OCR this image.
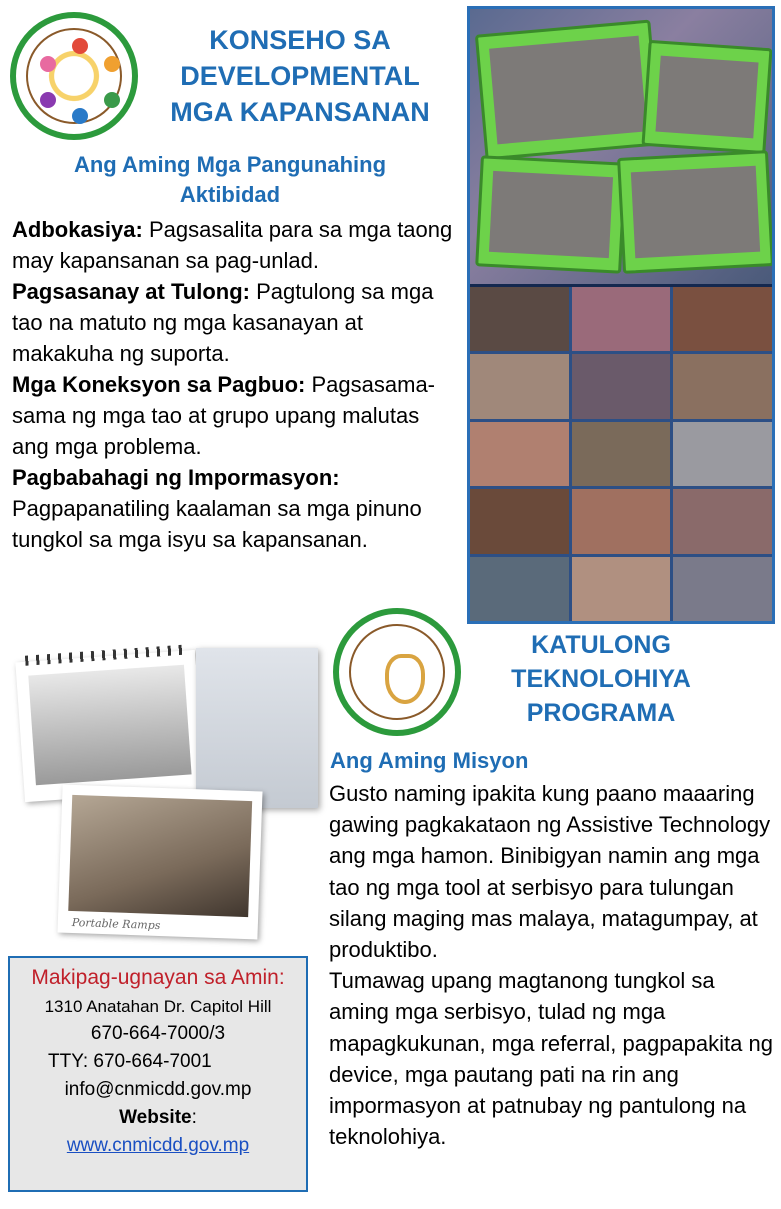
KONSEHO SA
DEVELOPMENTAL
MGA KAPANSANAN
Ang Aming Mga Pangunahing
Aktibidad

Adbokasiya: Pagsasalita para sa mga taong may kapansanan sa pag-unlad.

Pagsasanay at Tulong: Pagtulong sa mga tao na matuto ng mga kasanayan at makakuha ng suporta.

Mga Koneksyon sa Pagbuo: Pagsasama-sama ng mga tao at grupo upang malutas ang mga problema.

Pagbabahagi ng Impormasyon: Pagpapanatiling kaalaman sa mga pinuno tungkol sa mga isyu sa kapansanan.

Portable Ramps
KATULONG
TEKNOLOHIYA
PROGRAMA
Ang Aming Misyon

Gusto naming ipakita kung paano maaaring gawing pagkakataon ng Assistive Technology ang mga hamon. Binibigyan namin ang mga tao ng mga tool at serbisyo para tulungan silang maging mas malaya, matagumpay, at produktibo.

Tumawag upang magtanong tungkol sa aming mga serbisyo, tulad ng mga mapagkukunan, mga referral, pagpapakita ng device, mga pautang pati na rin ang impormasyon at patnubay ng pantulong na teknolohiya.

Makipag-ugnayan sa Amin:
1310 Anatahan Dr. Capitol Hill
670-664-7000/3
TTY: 670-664-7001
info@cnmicdd.gov.mp
Website:
www.cnmicdd.gov.mp
